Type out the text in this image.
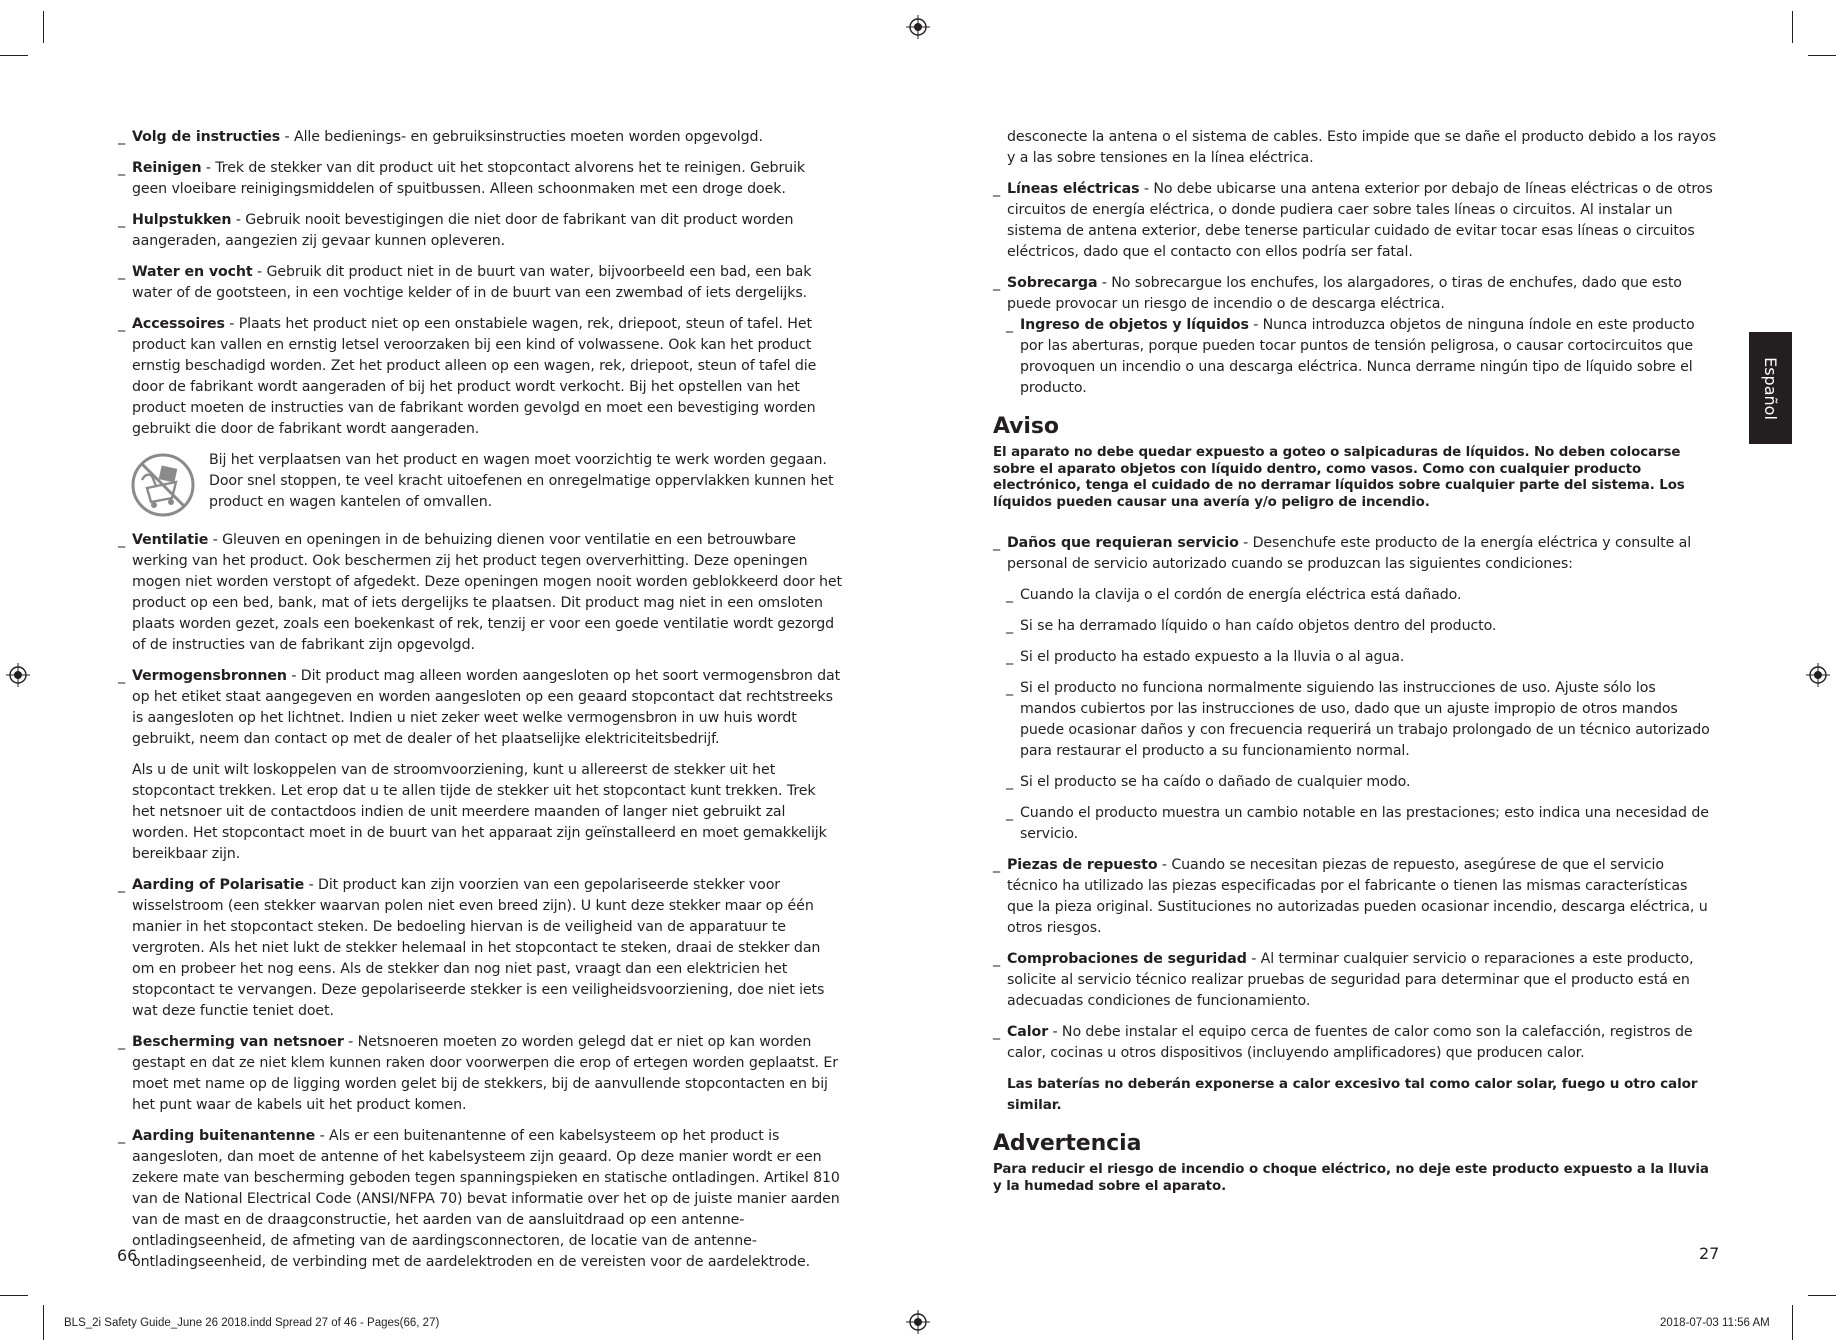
_ Volg de instructies - Alle bedienings- en gebruiksinstructies moeten worden opgevolgd.
_ Reinigen - Trek de stekker van dit product uit het stopcontact alvorens het te reinigen. Gebruik geen vloeibare reinigingsmiddelen of spuitbussen. Alleen schoonmaken met een droge doek.
_ Hulpstukken - Gebruik nooit bevestigingen die niet door de fabrikant van dit product worden aangeraden, aangezien zij gevaar kunnen opleveren.
_ Water en vocht - Gebruik dit product niet in de buurt van water, bijvoorbeeld een bad, een bak water of de gootsteen, in een vochtige kelder of in de buurt van een zwembad of iets dergelijks.
_ Accessoires - Plaats het product niet op een onstabiele wagen, rek, driepoot, steun of tafel. Het product kan vallen en ernstig letsel veroorzaken bij een kind of volwassene. Ook kan het product ernstig beschadigd worden. Zet het product alleen op een wagen, rek, driepoot, steun of tafel die door de fabrikant wordt aangeraden of bij het product wordt verkocht. Bij het opstellen van het product moeten de instructies van de fabrikant worden gevolgd en moet een bevestiging worden gebruikt die door de fabrikant wordt aangeraden.
Bij het verplaatsen van het product en wagen moet voorzichtig te werk worden gegaan. Door snel stoppen, te veel kracht uitoefenen en onregelmatige oppervlakken kunnen het product en wagen kantelen of omvallen.
_ Ventilatie - Gleuven en openingen in de behuizing dienen voor ventilatie en een betrouwbare werking van het product. Ook beschermen zij het product tegen oververhitting. Deze openingen mogen niet worden verstopt of afgedekt. Deze openingen mogen nooit worden geblokkeerd door het product op een bed, bank, mat of iets dergelijks te plaatsen. Dit product mag niet in een omsloten plaats worden gezet, zoals een boekenkast of rek, tenzij er voor een goede ventilatie wordt gezorgd of de instructies van de fabrikant zijn opgevolgd.
_ Vermogensbronnen - Dit product mag alleen worden aangesloten op het soort vermogensbron dat op het etiket staat aangegeven en worden aangesloten op een geaard stopcontact dat rechtstreeks is aangesloten op het lichtnet. Indien u niet zeker weet welke vermogensbron in uw huis wordt gebruikt, neem dan contact op met de dealer of het plaatselijke elektriciteitsbedrijf.
Als u de unit wilt loskoppelen van de stroomvoorziening, kunt u allereerst de stekker uit het stopcontact trekken. Let erop dat u te allen tijde de stekker uit het stopcontact kunt trekken. Trek het netsnoer uit de contactdoos indien de unit meerdere maanden of langer niet gebruikt zal worden. Het stopcontact moet in de buurt van het apparaat zijn geïnstalleerd en moet gemakkelijk bereikbaar zijn.
_ Aarding of Polarisatie - Dit product kan zijn voorzien van een gepolariseerde stekker voor wisselstroom (een stekker waarvan polen niet even breed zijn). U kunt deze stekker maar op één manier in het stopcontact steken. De bedoeling hiervan is de veiligheid van de apparatuur te vergroten. Als het niet lukt de stekker helemaal in het stopcontact te steken, draai de stekker dan om en probeer het nog eens. Als de stekker dan nog niet past, vraagt dan een elektricien het stopcontact te vervangen. Deze gepolariseerde stekker is een veiligheidsvoorziening, doe niet iets wat deze functie teniet doet.
_ Bescherming van netsnoer - Netsnoeren moeten zo worden gelegd dat er niet op kan worden gestapt en dat ze niet klem kunnen raken door voorwerpen die erop of ertegen worden geplaatst. Er moet met name op de ligging worden gelet bij de stekkers, bij de aanvullende stopcontacten en bij het punt waar de kabels uit het product komen.
_ Aarding buitenantenne - Als er een buitenantenne of een kabelsysteem op het product is aangesloten, dan moet de antenne of het kabelsysteem zijn geaard. Op deze manier wordt er een zekere mate van bescherming geboden tegen spanningspieken en statische ontladingen. Artikel 810 van de National Electrical Code (ANSI/NFPA 70) bevat informatie over het op de juiste manier aarden van de mast en de draagconstructie, het aarden van de aansluitdraad op een antenne-ontladingseenheid, de afmeting van de aardingsconnectoren, de locatie van de antenne-ontladingseenheid, de verbinding met de aardelektroden en de vereisten voor de aardelektrode.
66
desconecte la antena o el sistema de cables. Esto impide que se dañe el producto debido a los rayos y a las sobre tensiones en la línea eléctrica.
_ Líneas eléctricas - No debe ubicarse una antena exterior por debajo de líneas eléctricas o de otros circuitos de energía eléctrica, o donde pudiera caer sobre tales líneas o circuitos. Al instalar un sistema de antena exterior, debe tenerse particular cuidado de evitar tocar esas líneas o circuitos eléctricos, dado que el contacto con ellos podría ser fatal.
_ Sobrecarga - No sobrecargue los enchufes, los alargadores, o tiras de enchufes, dado que esto puede provocar un riesgo de incendio o de descarga eléctrica.
_ Ingreso de objetos y líquidos - Nunca introduzca objetos de ninguna índole en este producto por las aberturas, porque pueden tocar puntos de tensión peligrosa, o causar cortocircuitos que provoquen un incendio o una descarga eléctrica. Nunca derrame ningún tipo de líquido sobre el producto.
Aviso
El aparato no debe quedar expuesto a goteo o salpicaduras de líquidos. No deben colocarse sobre el aparato objetos con líquido dentro, como vasos. Como con cualquier producto electrónico, tenga el cuidado de no derramar líquidos sobre cualquier parte del sistema. Los líquidos pueden causar una avería y/o peligro de incendio.
_ Daños que requieran servicio - Desenchufe este producto de la energía eléctrica y consulte al personal de servicio autorizado cuando se produzcan las siguientes condiciones:
_ Cuando la clavija o el cordón de energía eléctrica está dañado.
_ Si se ha derramado líquido o han caído objetos dentro del producto.
_ Si el producto ha estado expuesto a la lluvia o al agua.
_ Si el producto no funciona normalmente siguiendo las instrucciones de uso. Ajuste sólo los mandos cubiertos por las instrucciones de uso, dado que un ajuste impropio de otros mandos puede ocasionar daños y con frecuencia requerirá un trabajo prolongado de un técnico autorizado para restaurar el producto a su funcionamiento normal.
_ Si el producto se ha caído o dañado de cualquier modo.
_ Cuando el producto muestra un cambio notable en las prestaciones; esto indica una necesidad de servicio.
_ Piezas de repuesto - Cuando se necesitan piezas de repuesto, asegúrese de que el servicio técnico ha utilizado las piezas especificadas por el fabricante o tienen las mismas características que la pieza original. Sustituciones no autorizadas pueden ocasionar incendio, descarga eléctrica, u otros riesgos.
_ Comprobaciones de seguridad - Al terminar cualquier servicio o reparaciones a este producto, solicite al servicio técnico realizar pruebas de seguridad para determinar que el producto está en adecuadas condiciones de funcionamiento.
_ Calor - No debe instalar el equipo cerca de fuentes de calor como son la calefacción, registros de calor, cocinas u otros dispositivos (incluyendo amplificadores) que producen calor.
Las baterías no deberán exponerse a calor excesivo tal como calor solar, fuego u otro calor similar.
Advertencia
Para reducir el riesgo de incendio o choque eléctrico, no deje este producto expuesto a la lluvia y la humedad sobre el aparato.
27
Español
BLS_2i Safety Guide_June 26 2018.indd Spread 27 of 46 - Pages(66, 27)	2018-07-03 11:56 AM
